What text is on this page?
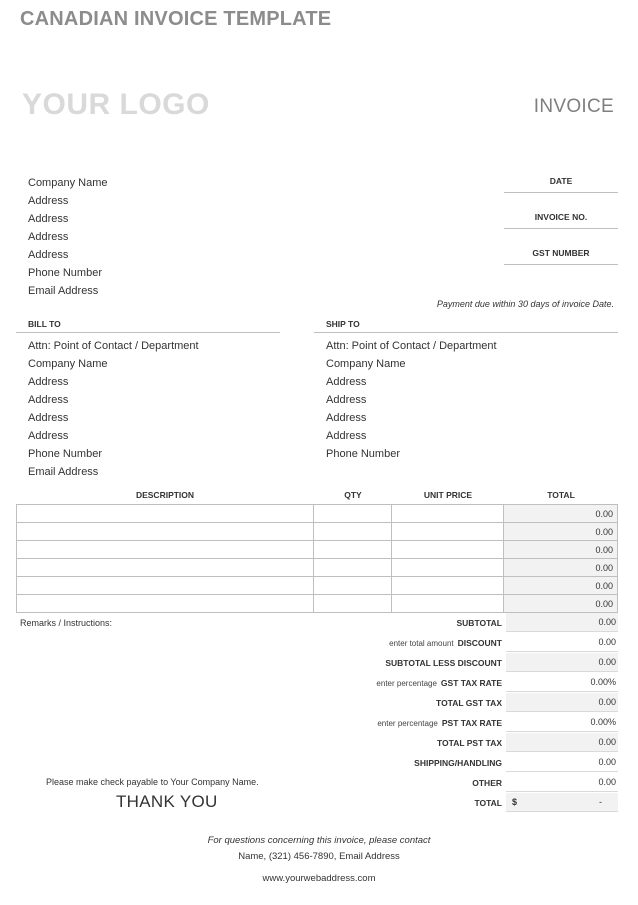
CANADIAN INVOICE TEMPLATE
YOUR LOGO	INVOICE
Company Name
Address
Address
Address
Address
Phone Number
Email Address
DATE
INVOICE NO.
GST NUMBER
Payment due within 30 days of invoice Date.
BILL TO	SHIP TO
Attn: Point of Contact / Department
Company Name
Address
Address
Address
Address
Phone Number
Email Address
Attn: Point of Contact / Department
Company Name
Address
Address
Address
Address
Phone Number
DESCRIPTION	QTY	UNIT PRICE	TOTAL
			0.00
			0.00
			0.00
			0.00
			0.00
			0.00
Remarks / Instructions:	SUBTOTAL	0.00
enter total amount DISCOUNT	0.00
SUBTOTAL LESS DISCOUNT	0.00
enter percentage GST TAX RATE	0.00%
TOTAL GST TAX	0.00
enter percentage PST TAX RATE	0.00%
TOTAL PST TAX	0.00
SHIPPING/HANDLING	0.00
OTHER	0.00
TOTAL $	-
Please make check payable to Your Company Name.
THANK YOU
For questions concerning this invoice, please contact
Name, (321) 456-7890, Email Address
www.yourwebaddress.com
